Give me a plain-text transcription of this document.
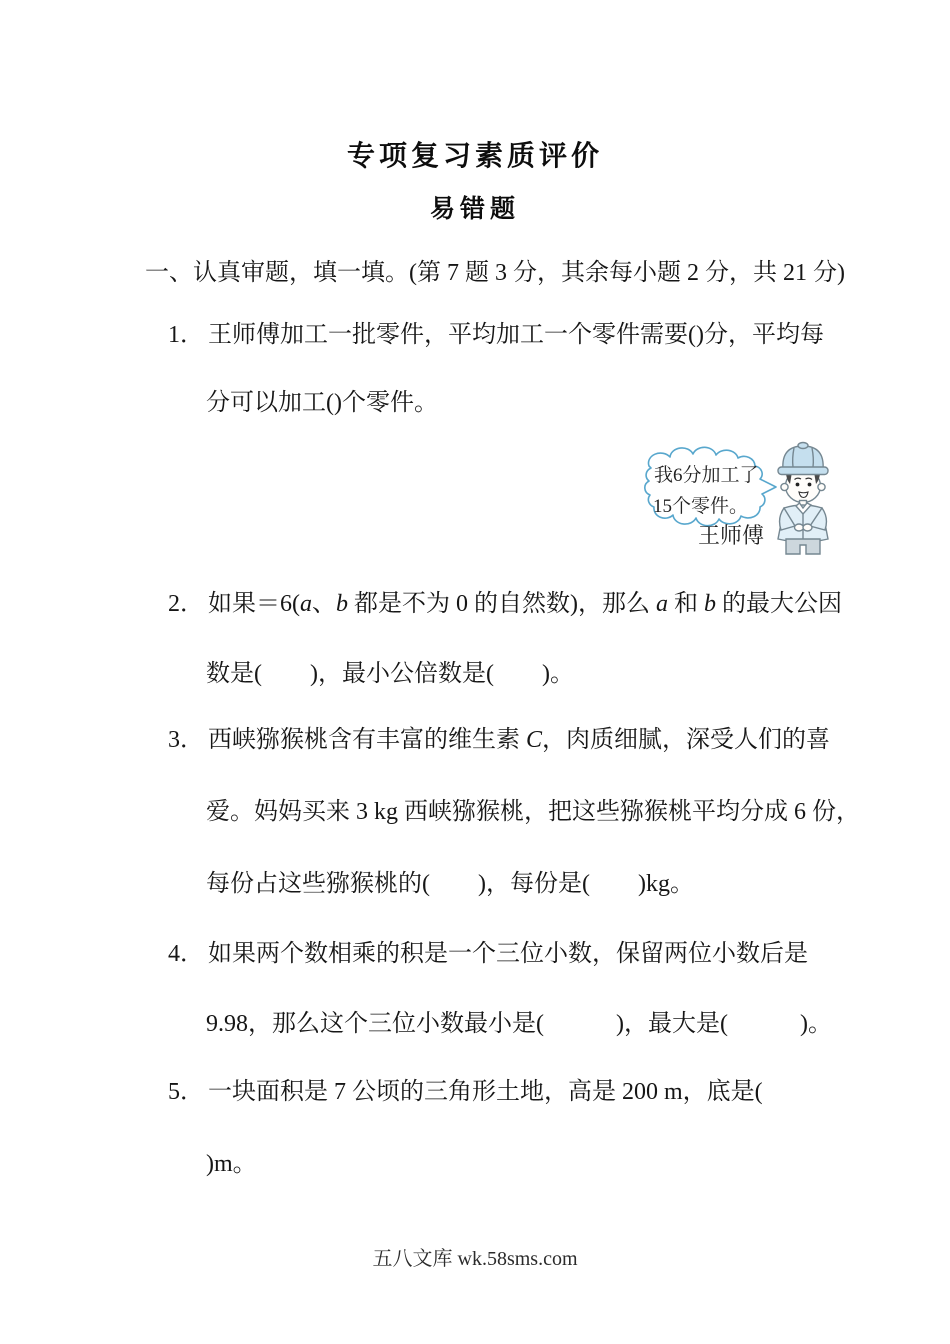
专项复习素质评价
易错题
一、认真审题，填一填。(第 7 题 3 分，其余每小题 2 分，共 21 分)
1． 王师傅加工一批零件，平均加工一个零件需要()分，平均每
分可以加工()个零件。
我6分加工了
15个零件。
王师傅
2． 如果＝6(a、b 都是不为 0 的自然数)，那么 a 和 b 的最大公因
数是(　　)，最小公倍数是(　　)。
3． 西峡猕猴桃含有丰富的维生素 C，肉质细腻，深受人们的喜
爱。妈妈买来 3 kg 西峡猕猴桃，把这些猕猴桃平均分成 6 份，
每份占这些猕猴桃的(　　)，每份是(　　)kg。
4． 如果两个数相乘的积是一个三位小数，保留两位小数后是
9.98，那么这个三位小数最小是(　　　)，最大是(　　　)。
5． 一块面积是 7 公顷的三角形土地，高是 200 m，底是(
)m。
五八文库 wk.58sms.com
